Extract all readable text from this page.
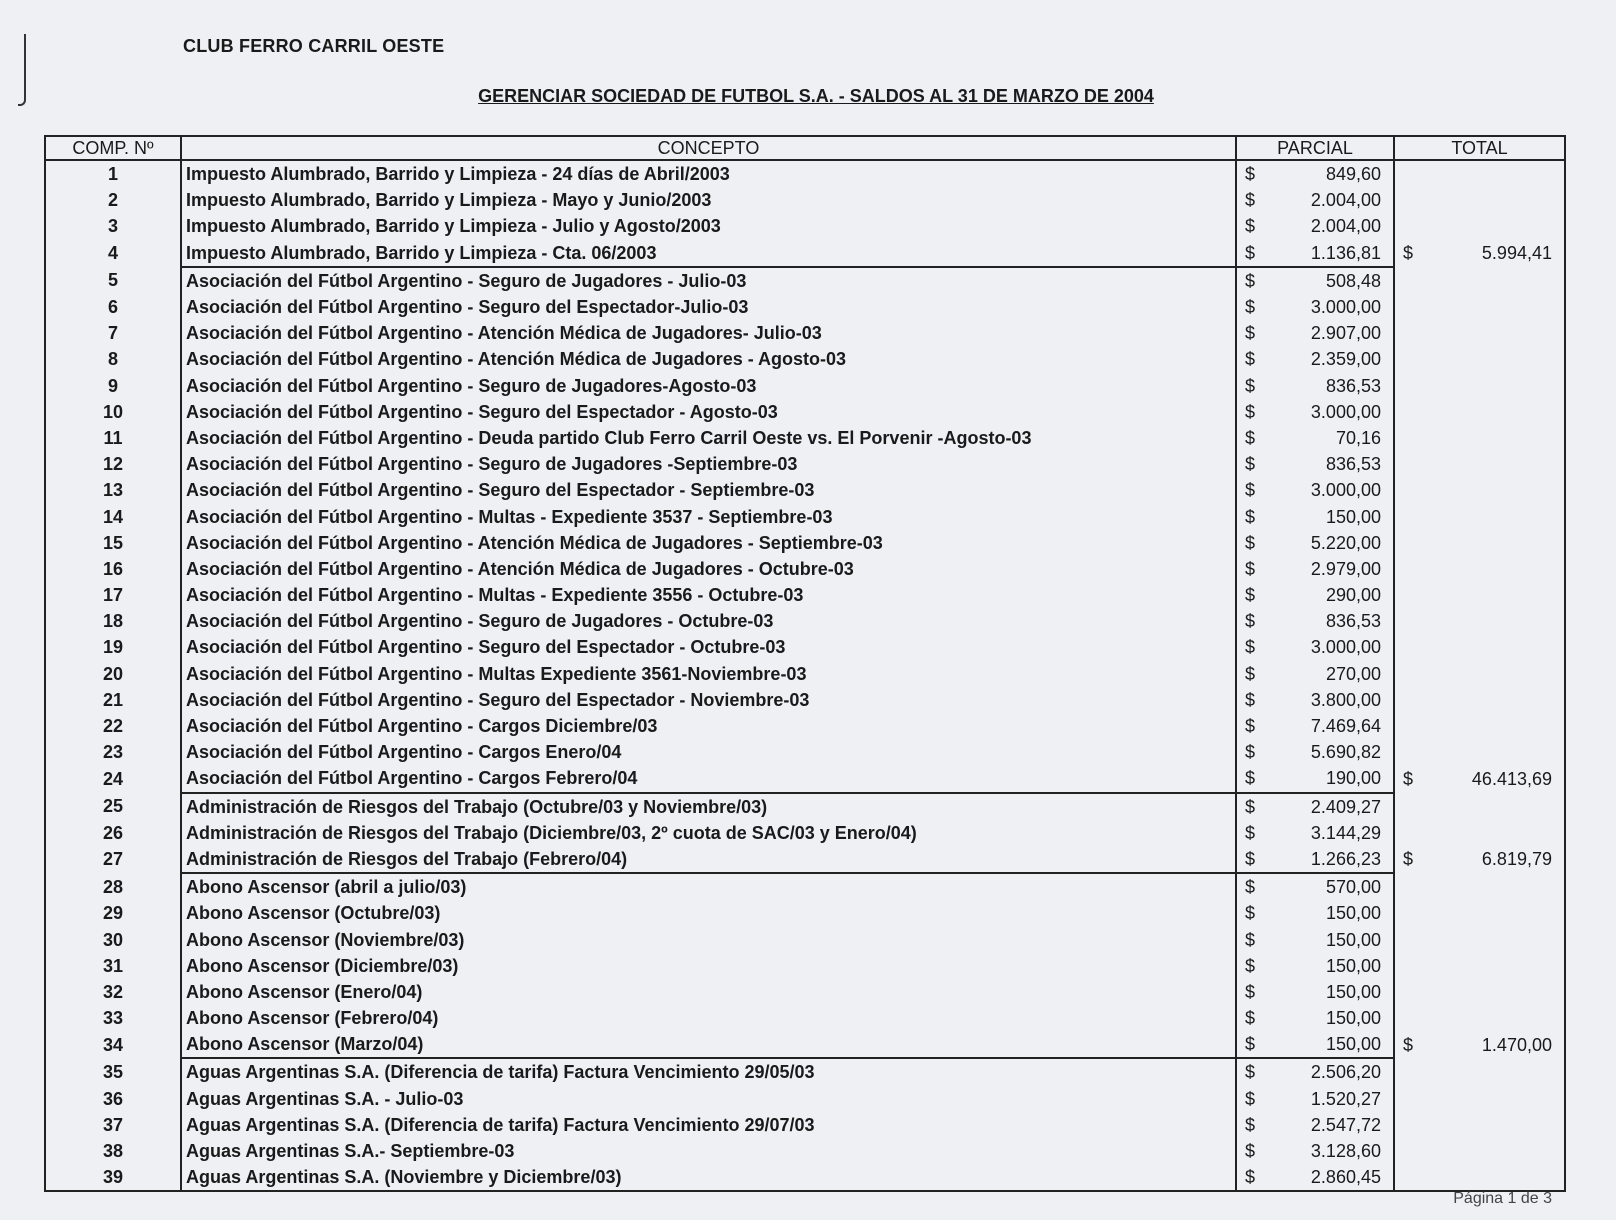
CLUB FERRO CARRIL OESTE
GERENCIAR SOCIEDAD DE FUTBOL S.A. - SALDOS AL 31 DE MARZO DE 2004
COMP. Nº	CONCEPTO	PARCIAL	TOTAL
1	Impuesto Alumbrado, Barrido y Limpieza - 24 días de Abril/2003	$ 849,60	

2	Impuesto Alumbrado, Barrido y Limpieza - Mayo y Junio/2003	$ 2.004,00	

3	Impuesto Alumbrado, Barrido y Limpieza - Julio y Agosto/2003	$ 2.004,00	

4	Impuesto Alumbrado, Barrido y Limpieza - Cta. 06/2003	$ 1.136,81	$ 5.994,41

5	Asociación del Fútbol Argentino - Seguro de Jugadores - Julio-03	$ 508,48	

6	Asociación del Fútbol Argentino - Seguro del Espectador-Julio-03	$ 3.000,00	

7	Asociación del Fútbol Argentino - Atención Médica de Jugadores- Julio-03	$ 2.907,00	

8	Asociación del Fútbol Argentino - Atención Médica de Jugadores - Agosto-03	$ 2.359,00	

9	Asociación del Fútbol Argentino - Seguro de Jugadores-Agosto-03	$ 836,53	

10	Asociación del Fútbol Argentino - Seguro del Espectador - Agosto-03	$ 3.000,00	

11	Asociación del Fútbol Argentino - Deuda partido Club Ferro Carril Oeste vs. El Porvenir -Agosto-03	$ 70,16	

12	Asociación del Fútbol Argentino - Seguro de Jugadores -Septiembre-03	$ 836,53	

13	Asociación del Fútbol Argentino - Seguro del Espectador - Septiembre-03	$ 3.000,00	

14	Asociación del Fútbol Argentino - Multas - Expediente 3537 - Septiembre-03	$ 150,00	

15	Asociación del Fútbol Argentino - Atención Médica de Jugadores - Septiembre-03	$ 5.220,00	

16	Asociación del Fútbol Argentino - Atención Médica de Jugadores - Octubre-03	$ 2.979,00	

17	Asociación del Fútbol Argentino - Multas - Expediente 3556 - Octubre-03	$ 290,00	

18	Asociación del Fútbol Argentino - Seguro de Jugadores - Octubre-03	$ 836,53	

19	Asociación del Fútbol Argentino - Seguro del Espectador - Octubre-03	$ 3.000,00	

20	Asociación del Fútbol Argentino - Multas Expediente 3561-Noviembre-03	$ 270,00	

21	Asociación del Fútbol Argentino - Seguro del Espectador - Noviembre-03	$ 3.800,00	

22	Asociación del Fútbol Argentino - Cargos Diciembre/03	$ 7.469,64	

23	Asociación del Fútbol Argentino - Cargos Enero/04	$ 5.690,82	

24	Asociación del Fútbol Argentino - Cargos Febrero/04	$ 190,00	$ 46.413,69

25	Administración de Riesgos del Trabajo (Octubre/03 y Noviembre/03)	$ 2.409,27	

26	Administración de Riesgos del Trabajo (Diciembre/03, 2º cuota de SAC/03 y Enero/04)	$ 3.144,29	

27	Administración de Riesgos del Trabajo (Febrero/04)	$ 1.266,23	$ 6.819,79

28	Abono Ascensor (abril a julio/03)	$ 570,00	

29	Abono Ascensor (Octubre/03)	$ 150,00	

30	Abono Ascensor (Noviembre/03)	$ 150,00	

31	Abono Ascensor (Diciembre/03)	$ 150,00	

32	Abono Ascensor (Enero/04)	$ 150,00	

33	Abono Ascensor (Febrero/04)	$ 150,00	

34	Abono Ascensor (Marzo/04)	$ 150,00	$ 1.470,00

35	Aguas Argentinas S.A. (Diferencia de tarifa) Factura Vencimiento 29/05/03	$ 2.506,20	

36	Aguas Argentinas S.A. - Julio-03	$ 1.520,27	

37	Aguas Argentinas S.A. (Diferencia de tarifa) Factura Vencimiento 29/07/03	$ 2.547,72	

38	Aguas Argentinas S.A.- Septiembre-03	$ 3.128,60	

39	Aguas Argentinas S.A. (Noviembre y Diciembre/03)	$ 2.860,45	

Página 1 de 3
